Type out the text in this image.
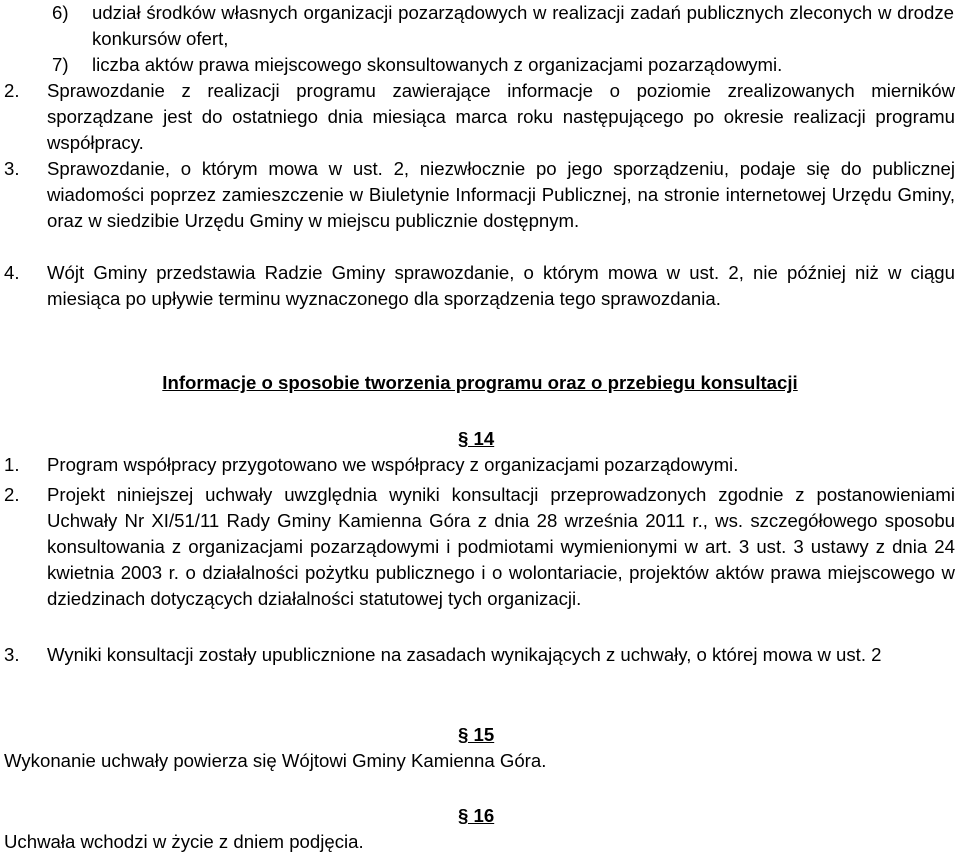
6)	udział środków własnych organizacji pozarządowych w realizacji zadań publicznych zleconych w drodze konkursów ofert,
7)	liczba aktów prawa miejscowego skonsultowanych z organizacjami pozarządowymi.
2.	Sprawozdanie z realizacji programu zawierające informacje o poziomie zrealizowanych mierników sporządzane jest do ostatniego dnia miesiąca marca roku następującego po okresie realizacji programu współpracy.
3.	Sprawozdanie, o którym mowa w ust. 2, niezwłocznie po jego sporządzeniu, podaje się do publicznej wiadomości poprzez zamieszczenie w Biuletynie Informacji Publicznej, na stronie internetowej Urzędu Gminy, oraz w siedzibie Urzędu Gminy w miejscu publicznie dostępnym.
4.	Wójt Gminy przedstawia Radzie Gminy sprawozdanie, o którym mowa w ust. 2, nie później niż w ciągu miesiąca po upływie terminu wyznaczonego dla sporządzenia tego sprawozdania.
Informacje o sposobie tworzenia programu oraz o przebiegu konsultacji
§ 14
1.	Program współpracy przygotowano we współpracy z organizacjami pozarządowymi.
2.	Projekt niniejszej uchwały uwzględnia wyniki konsultacji przeprowadzonych zgodnie z postanowieniami Uchwały Nr XI/51/11 Rady Gminy Kamienna Góra z dnia 28 września 2011 r., ws. szczegółowego sposobu konsultowania z organizacjami pozarządowymi i podmiotami wymienionymi w art. 3 ust. 3 ustawy z dnia 24 kwietnia 2003 r. o działalności pożytku publicznego i o wolontariacie, projektów aktów prawa miejscowego w dziedzinach dotyczących działalności statutowej tych organizacji.
3.	Wyniki konsultacji zostały upublicznione na zasadach wynikających z uchwały, o której mowa w ust. 2
§ 15
Wykonanie uchwały powierza się Wójtowi Gminy Kamienna Góra.
§ 16
Uchwała wchodzi w życie z dniem podjęcia.
